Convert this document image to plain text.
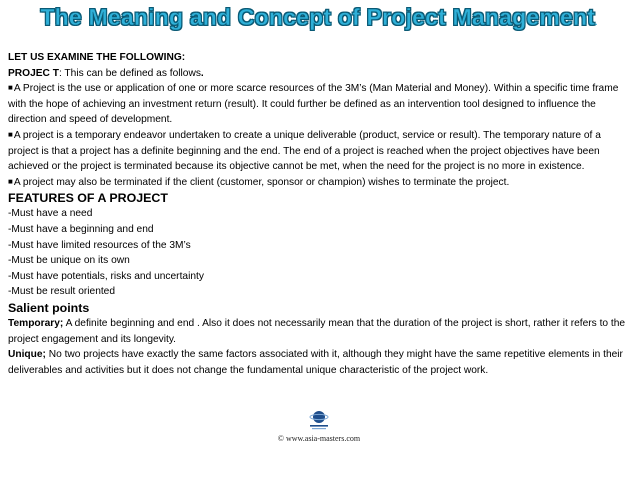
The Meaning and Concept of Project Management.

LET US EXAMINE THE FOLLOWING:

PROJEC T: This can be defined as follows.

■A Project is the use or application of one or more scarce resources of the 3M’s (Man Material and Money). Within a specific time frame with the hope of achieving an investment return (result). It could further be defined as an intervention tool designed to influence the direction and speed of development.

■A project is a temporary endeavor undertaken to create a unique deliverable (product, service or result). The temporary nature of a project is that a project has a definite beginning and the end. The end of a project is reached when the project objectives have been achieved or the project is terminated because its objective cannot be met, when the need for the project is no more in existence.

■A project may also be terminated if the client (customer, sponsor or champion) wishes to terminate the project.

FEATURES OF A PROJECT

-Must have a need

-Must have a beginning and end

-Must have limited resources of the 3M’s

-Must be unique on its own

-Must have potentials, risks and uncertainty

-Must be result oriented

Salient points

Temporary; A definite beginning and end . Also it does not necessarily mean that the duration of the project is short, rather it refers to the project engagement and its longevity.

Unique; No two projects have exactly the same factors associated with it, although they might have the same repetitive elements in their deliverables and activities but it does not change the fundamental unique characteristic of the project work.

© www.asia-masters.com
